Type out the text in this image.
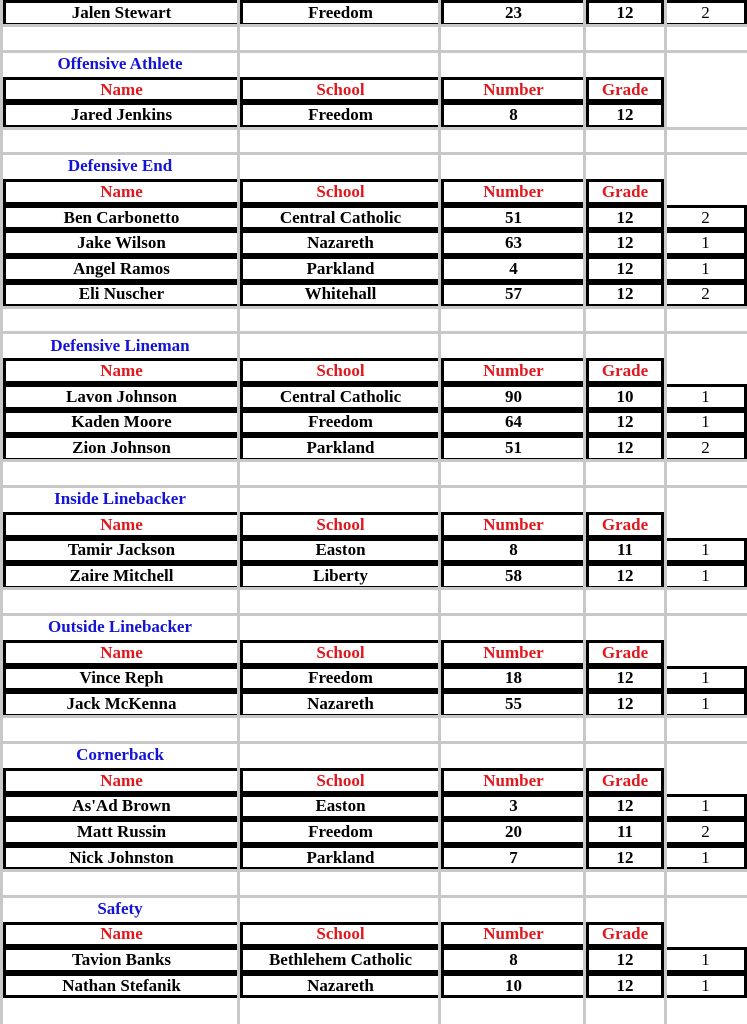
Jalen Stewart	Freedom	23	12	2
Offensive Athlete
Name	School	Number	Grade
Jared Jenkins	Freedom	8	12
Defensive End
Name	School	Number	Grade
Ben Carbonetto	Central Catholic	51	12	2
Jake Wilson	Nazareth	63	12	1
Angel Ramos	Parkland	4	12	1
Eli Nuscher	Whitehall	57	12	2
Defensive Lineman
Name	School	Number	Grade
Lavon Johnson	Central Catholic	90	10	1
Kaden Moore	Freedom	64	12	1
Zion Johnson	Parkland	51	12	2
Inside Linebacker
Name	School	Number	Grade
Tamir Jackson	Easton	8	11	1
Zaire Mitchell	Liberty	58	12	1
Outside Linebacker
Name	School	Number	Grade
Vince Reph	Freedom	18	12	1
Jack McKenna	Nazareth	55	12	1
Cornerback
Name	School	Number	Grade
As'Ad Brown	Easton	3	12	1
Matt Russin	Freedom	20	11	2
Nick Johnston	Parkland	7	12	1
Safety
Name	School	Number	Grade
Tavion Banks	Bethlehem Catholic	8	12	1
Nathan Stefanik	Nazareth	10	12	1
